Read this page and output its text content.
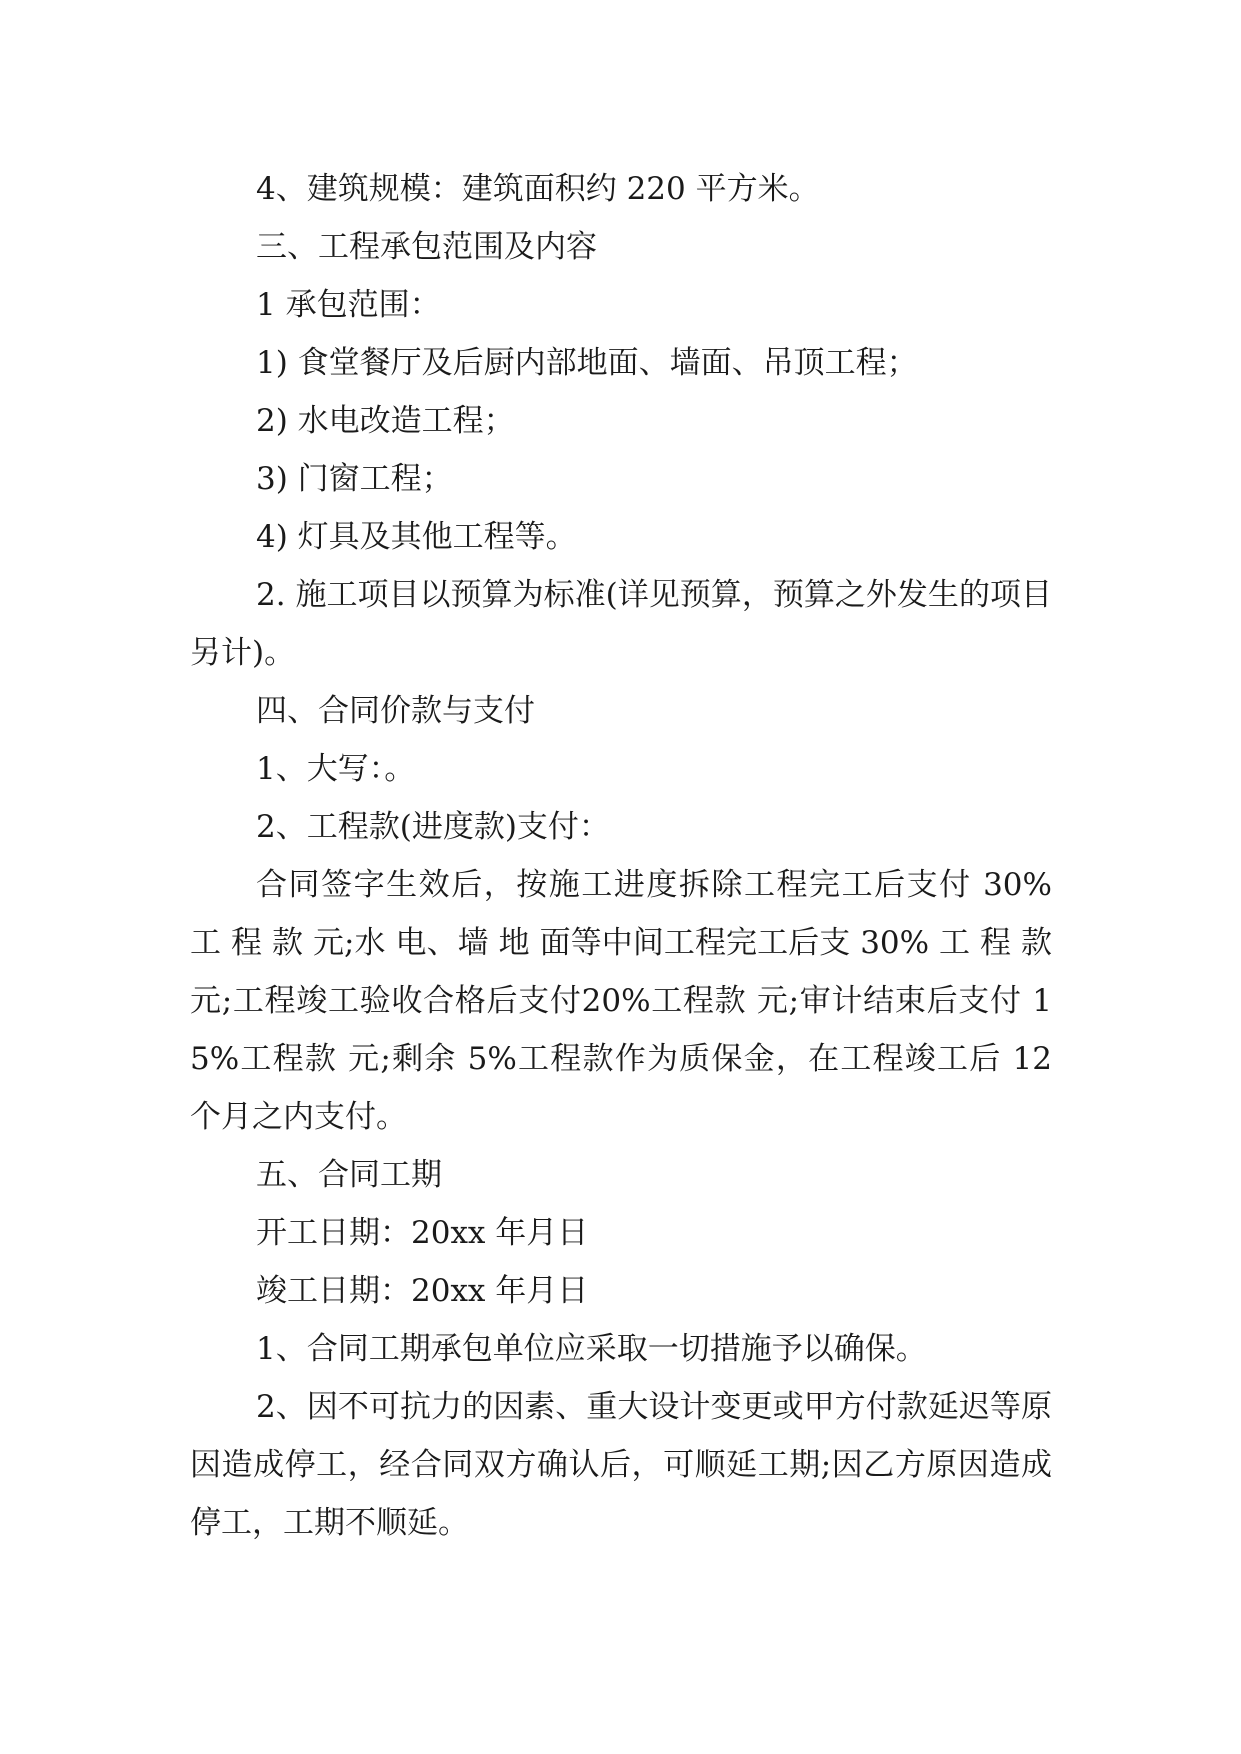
4、建筑规模：建筑面积约 220 平方米。

三、工程承包范围及内容

1 承包范围：

1) 食堂餐厅及后厨内部地面、墙面、吊顶工程；

2) 水电改造工程；

3) 门窗工程；

4) 灯具及其他工程等。

2. 施工项目以预算为标准(详见预算，预算之外发生的项目另计)。

四、合同价款与支付

1、大写：。

2、工程款(进度款)支付：

合同签字生效后，按施工进度拆除工程完工后支付 30% 工 程 款 元;水 电、墙 地 面等中间工程完工后支 30% 工 程 款 元;工程竣工验收合格后支付20%工程款 元;审计结束后支付 15%工程款 元;剩余 5%工程款作为质保金，在工程竣工后 12 个月之内支付。

五、合同工期

开工日期：20xx 年月日

竣工日期：20xx 年月日

1、合同工期承包单位应采取一切措施予以确保。

2、因不可抗力的因素、重大设计变更或甲方付款延迟等原因造成停工，经合同双方确认后，可顺延工期;因乙方原因造成停工，工期不顺延。
